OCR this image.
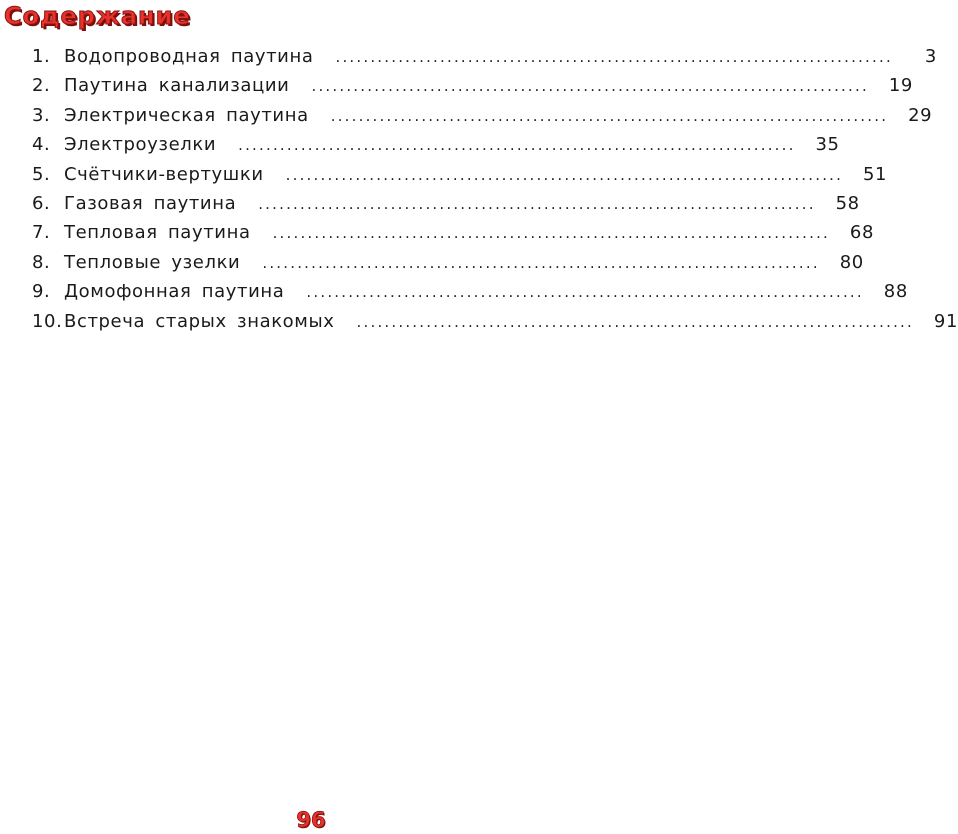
Содержание
1. Водопроводная паутина ................................................................................	3
2. Паутина канализации ................................................................................	19
3. Электрическая паутина ................................................................................	29
4. Электроузелки ................................................................................	35
5. Счётчики-вертушки ................................................................................	51
6. Газовая паутина ................................................................................	58
7. Тепловая паутина ................................................................................	68
8. Тепловые узелки ................................................................................	80
9. Домофонная паутина ................................................................................	88
10. Встреча старых знакомых ................................................................................	91
96
